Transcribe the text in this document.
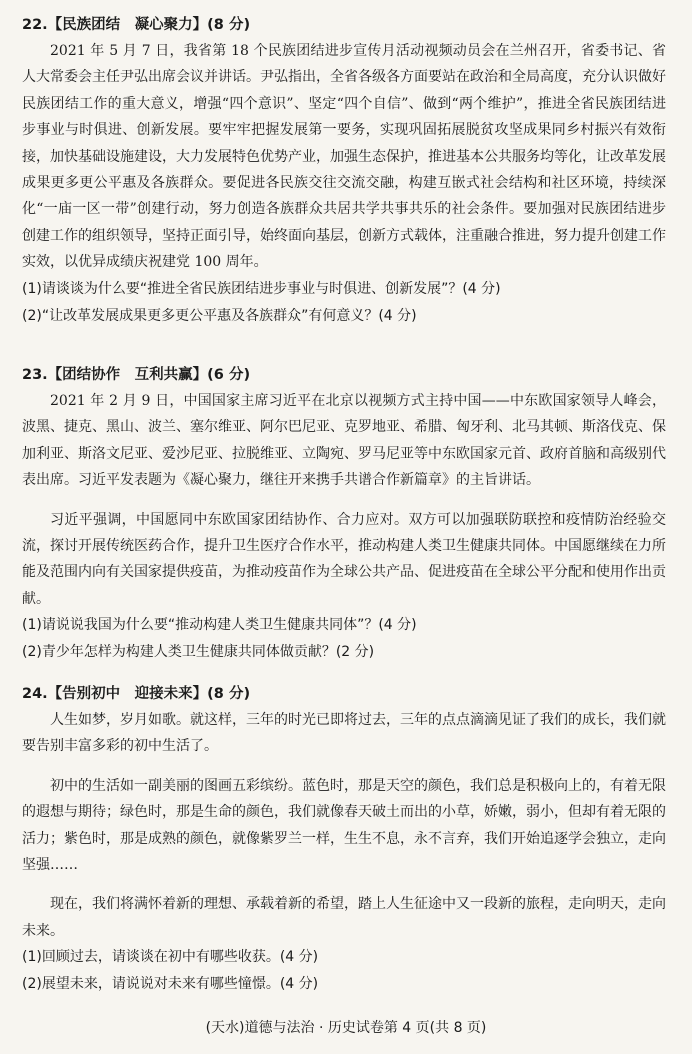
22.【民族团结　凝心聚力】(8 分)

2021 年 5 月 7 日，我省第 18 个民族团结进步宣传月活动视频动员会在兰州召开，省委书记、省人大常委会主任尹弘出席会议并讲话。尹弘指出，全省各级各方面要站在政治和全局高度，充分认识做好民族团结工作的重大意义，增强“四个意识”、坚定“四个自信”、做到“两个维护”，推进全省民族团结进步事业与时俱进、创新发展。要牢牢把握发展第一要务，实现巩固拓展脱贫攻坚成果同乡村振兴有效衔接，加快基础设施建设，大力发展特色优势产业，加强生态保护，推进基本公共服务均等化，让改革发展成果更多更公平惠及各族群众。要促进各民族交往交流交融，构建互嵌式社会结构和社区环境，持续深化“一庙一区一带”创建行动，努力创造各族群众共居共学共事共乐的社会条件。要加强对民族团结进步创建工作的组织领导，坚持正面引导，始终面向基层，创新方式载体，注重融合推进，努力提升创建工作实效，以优异成绩庆祝建党 100 周年。

(1)请谈谈为什么要“推进全省民族团结进步事业与时俱进、创新发展”？(4 分)
(2)“让改革发展成果更多更公平惠及各族群众”有何意义？(4 分)
23.【团结协作　互利共赢】(6 分)

2021 年 2 月 9 日，中国国家主席习近平在北京以视频方式主持中国——中东欧国家领导人峰会，波黑、捷克、黑山、波兰、塞尔维亚、阿尔巴尼亚、克罗地亚、希腊、匈牙利、北马其顿、斯洛伐克、保加利亚、斯洛文尼亚、爱沙尼亚、拉脱维亚、立陶宛、罗马尼亚等中东欧国家元首、政府首脑和高级别代表出席。习近平发表题为《凝心聚力，继往开来携手共谱合作新篇章》的主旨讲话。

习近平强调，中国愿同中东欧国家团结协作、合力应对。双方可以加强联防联控和疫情防治经验交流，探讨开展传统医药合作，提升卫生医疗合作水平，推动构建人类卫生健康共同体。中国愿继续在力所能及范围内向有关国家提供疫苗，为推动疫苗作为全球公共产品、促进疫苗在全球公平分配和使用作出贡献。

(1)请说说我国为什么要“推动构建人类卫生健康共同体”？(4 分)
(2)青少年怎样为构建人类卫生健康共同体做贡献？(2 分)
24.【告别初中　迎接未来】(8 分)

人生如梦，岁月如歌。就这样，三年的时光已即将过去，三年的点点滴滴见证了我们的成长，我们就要告别丰富多彩的初中生活了。

初中的生活如一副美丽的图画五彩缤纷。蓝色时，那是天空的颜色，我们总是积极向上的，有着无限的遐想与期待；绿色时，那是生命的颜色，我们就像春天破土而出的小草，娇嫩，弱小，但却有着无限的活力；紫色时，那是成熟的颜色，就像紫罗兰一样，生生不息，永不言弃，我们开始追逐学会独立，走向坚强……

现在，我们将满怀着新的理想、承载着新的希望，踏上人生征途中又一段新的旅程，走向明天，走向未来。

(1)回顾过去，请谈谈在初中有哪些收获。(4 分)
(2)展望未来，请说说对未来有哪些憧憬。(4 分)
(天水)道德与法治 · 历史试卷第 4 页(共 8 页)
